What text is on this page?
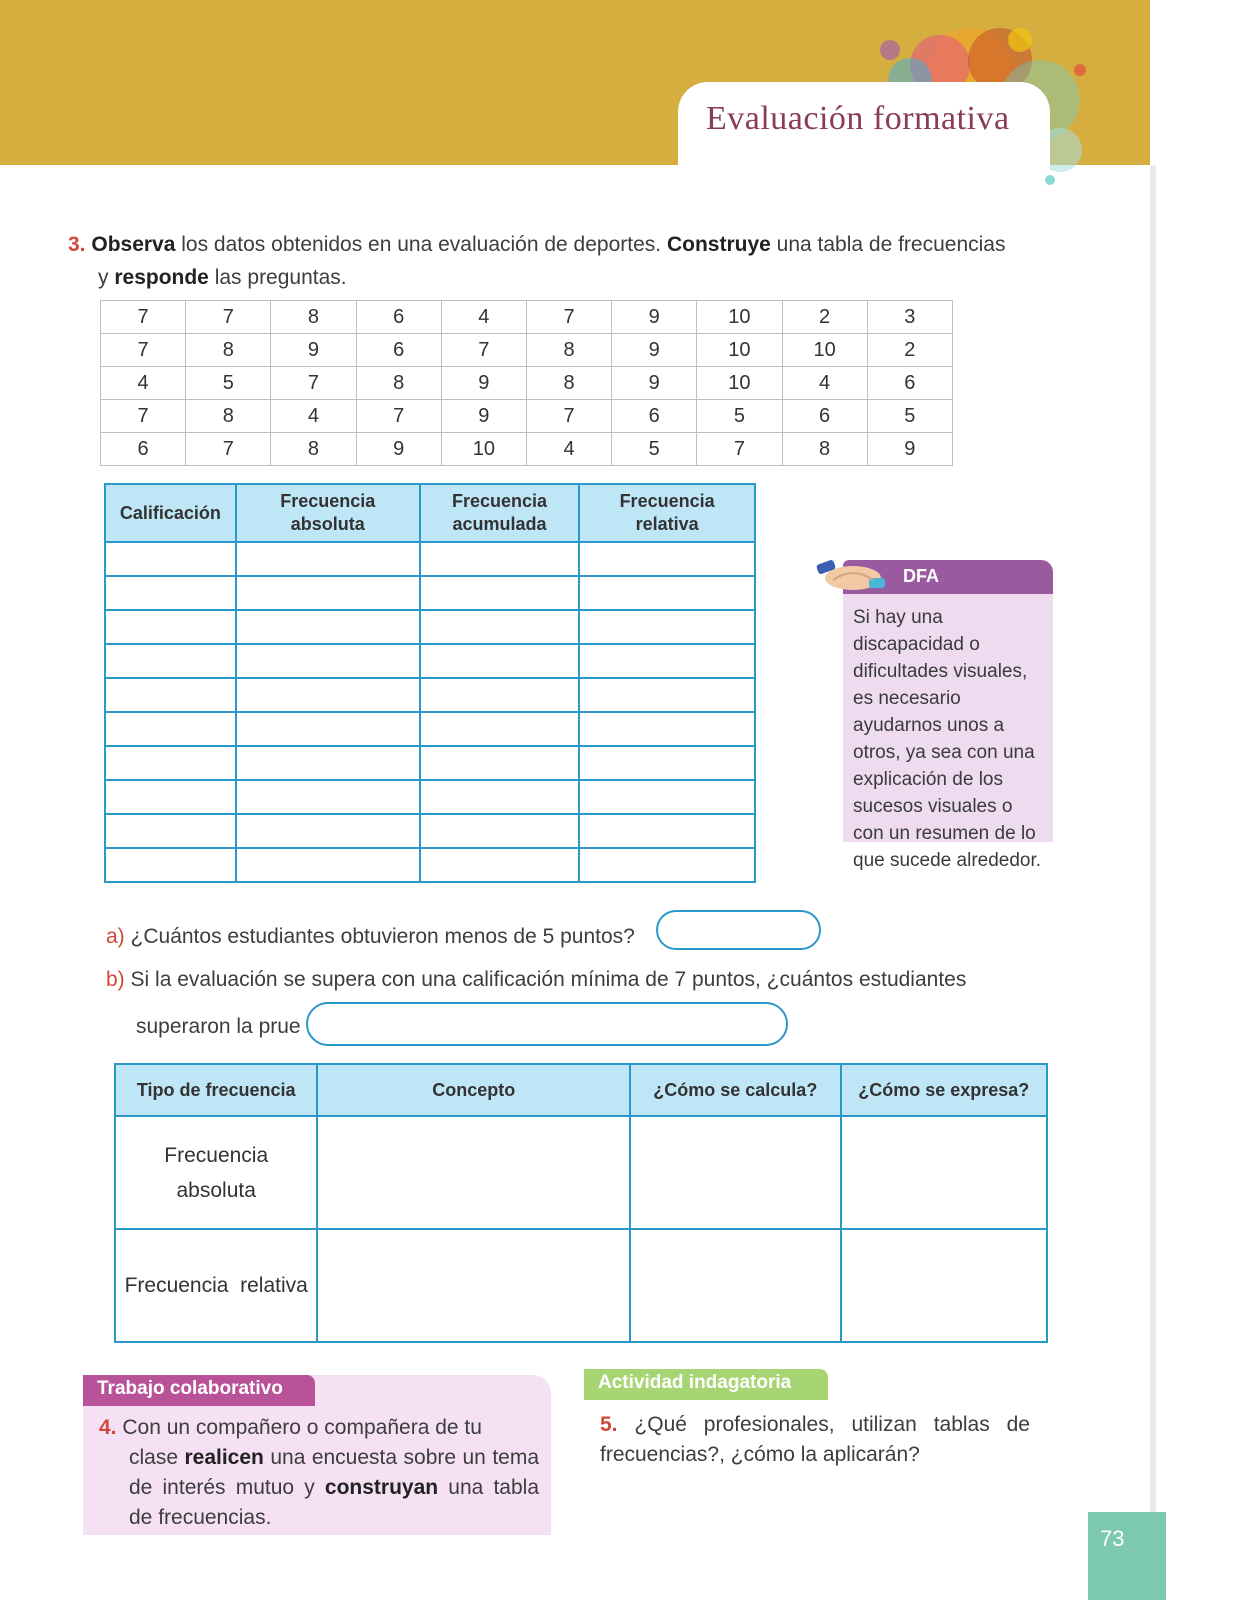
Evaluación formativa
3. Observa los datos obtenidos en una evaluación de deportes. Construye una tabla de frecuencias
y responde las preguntas.
7	7	8	6	4	7	9	10	2	3
7	8	9	6	7	8	9	10	10	2
4	5	7	8	9	8	9	10	4	6
7	8	4	7	9	7	6	5	6	5
6	7	8	9	10	4	5	7	8	9
Calificación	Frecuencia absoluta	Frecuencia acumulada	Frecuencia relativa

DFA

Si hay una discapacidad o dificultades visuales, es necesario ayudarnos unos a otros, ya sea con una explicación de los sucesos visuales o con un resumen de lo que sucede alrededor.

a) ¿Cuántos estudiantes obtuvieron menos de 5 puntos?
b) Si la evaluación se supera con una calificación mínima de 7 puntos, ¿cuántos estudiantes
superaron la prue
Tipo de frecuencia	Concepto	¿Cómo se calcula?	¿Cómo se expresa?
Frecuencia absoluta			
Frecuencia  relativa			
Trabajo colaborativo
4. Con un compañero o compañera de tu
clase realicen una encuesta sobre un tema de interés mutuo y construyan una tabla de frecuencias.
Actividad indagatoria
5. ¿Qué profesionales, utilizan tablas de frecuencias?, ¿cómo la aplicarán?
73
